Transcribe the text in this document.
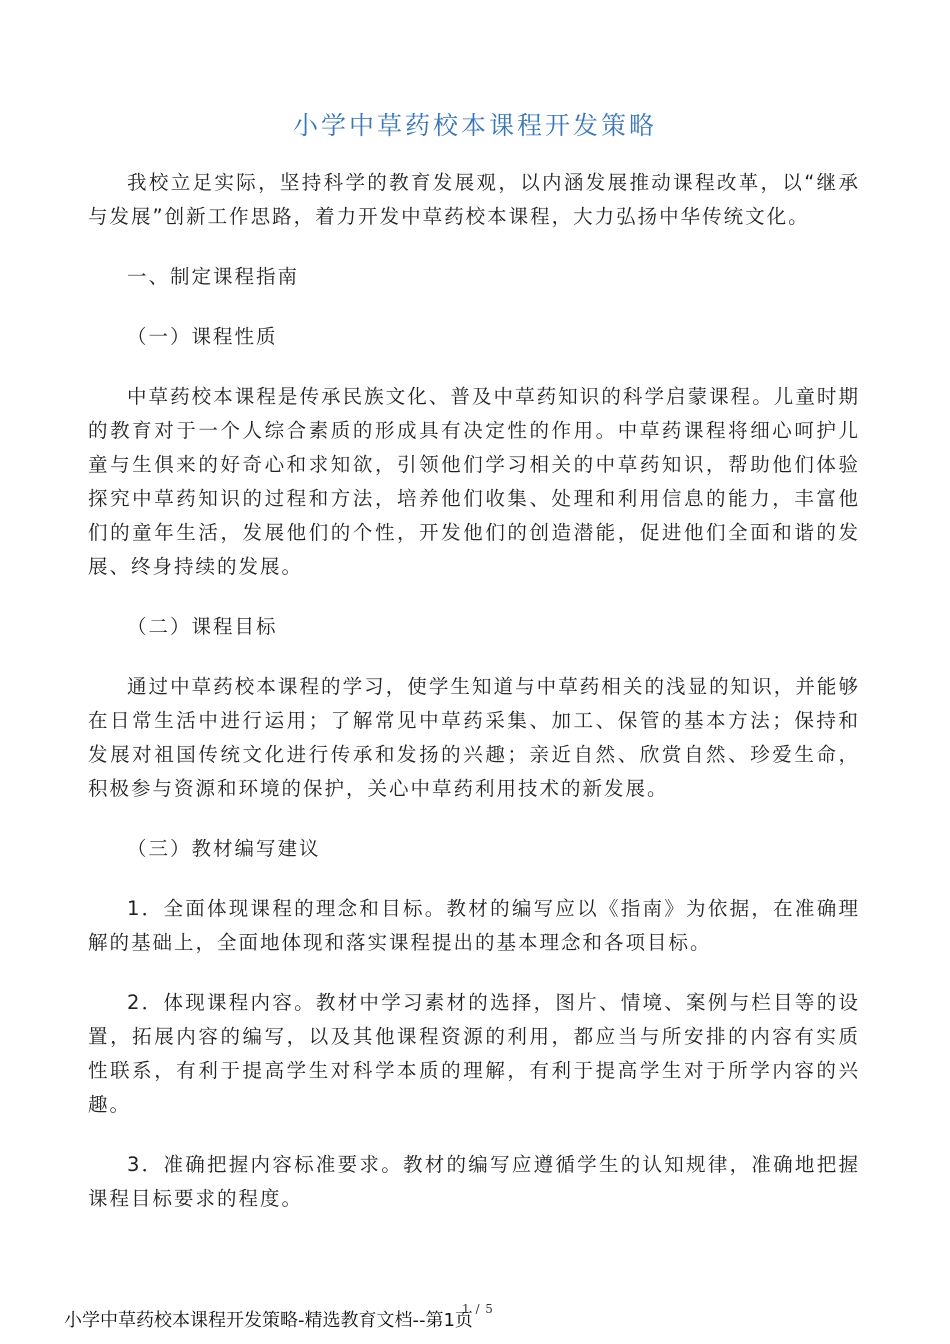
小学中草药校本课程开发策略

我校立足实际，坚持科学的教育发展观，以内涵发展推动课程改革，以“继承与发展”创新工作思路，着力开发中草药校本课程，大力弘扬中华传统文化。

一、制定课程指南

（一）课程性质

中草药校本课程是传承民族文化、普及中草药知识的科学启蒙课程。儿童时期的教育对于一个人综合素质的形成具有决定性的作用。中草药课程将细心呵护儿童与生俱来的好奇心和求知欲，引领他们学习相关的中草药知识，帮助他们体验探究中草药知识的过程和方法，培养他们收集、处理和利用信息的能力，丰富他们的童年生活，发展他们的个性，开发他们的创造潜能，促进他们全面和谐的发展、终身持续的发展。

（二）课程目标

通过中草药校本课程的学习，使学生知道与中草药相关的浅显的知识，并能够在日常生活中进行运用；了解常见中草药采集、加工、保管的基本方法；保持和发展对祖国传统文化进行传承和发扬的兴趣；亲近自然、欣赏自然、珍爱生命，积极参与资源和环境的保护，关心中草药利用技术的新发展。

（三）教材编写建议

1．全面体现课程的理念和目标。教材的编写应以《指南》为依据，在准确理解的基础上，全面地体现和落实课程提出的基本理念和各项目标。

2．体现课程内容。教材中学习素材的选择，图片、情境、案例与栏目等的设置，拓展内容的编写，以及其他课程资源的利用，都应当与所安排的内容有实质性联系，有利于提高学生对科学本质的理解，有利于提高学生对于所学内容的兴趣。

3．准确把握内容标准要求。教材的编写应遵循学生的认知规律，准确地把握课程目标要求的程度。

小学中草药校本课程开发策略-精选教育文档--第1页
1 / 5
